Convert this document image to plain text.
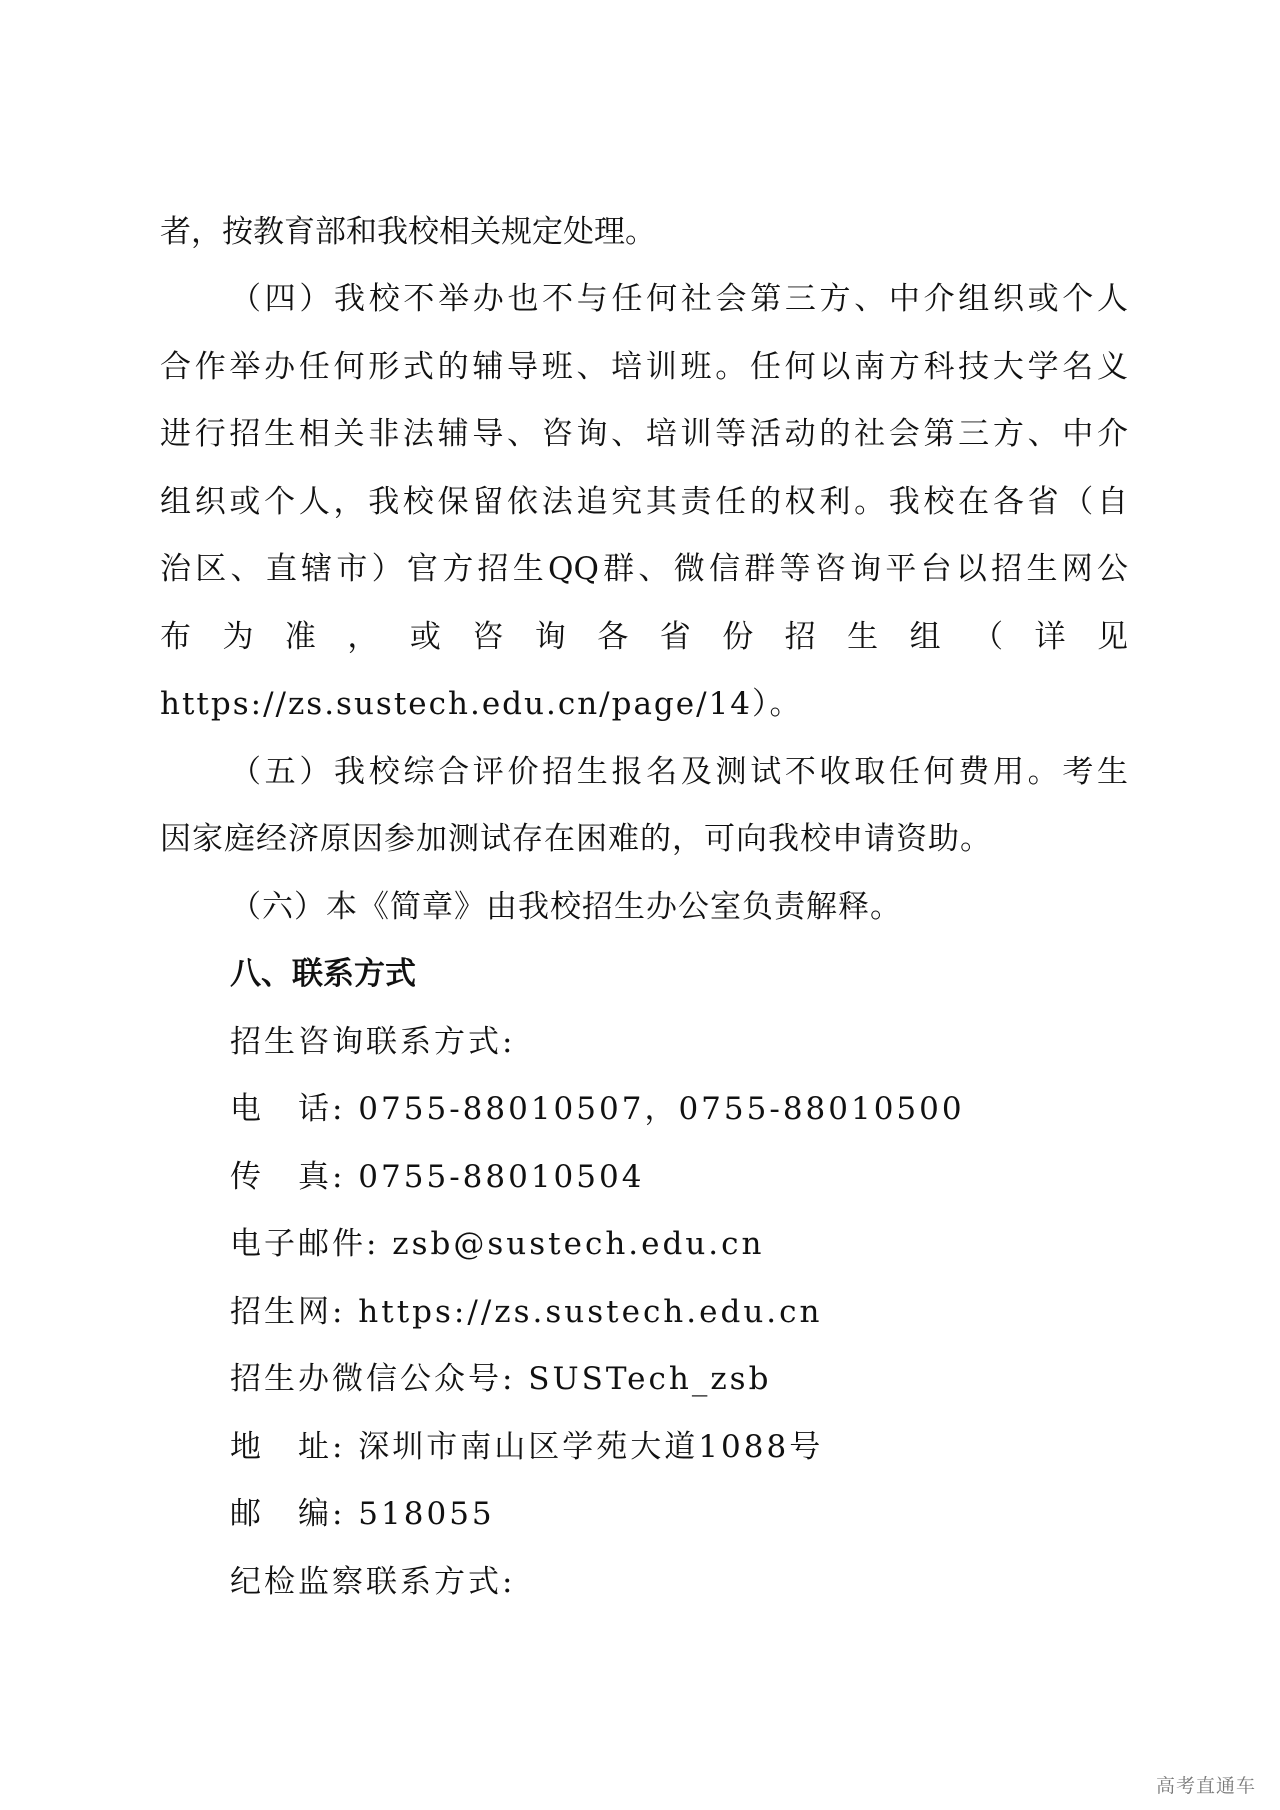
者，按教育部和我校相关规定处理。
（四）我校不举办也不与任何社会第三方、中介组织或个人
合作举办任何形式的辅导班、培训班。任何以南方科技大学名义
进行招生相关非法辅导、咨询、培训等活动的社会第三方、中介
组织或个人，我校保留依法追究其责任的权利。我校在各省（自
治区、直辖市）官方招生QQ群、微信群等咨询平台以招生网公
布 为 准 ， 或 咨 询 各 省 份 招 生 组 （ 详 见
https://zs.sustech.edu.cn/page/14）。
（五）我校综合评价招生报名及测试不收取任何费用。考生
因家庭经济原因参加测试存在困难的，可向我校申请资助。
（六）本《简章》由我校招生办公室负责解释。
八、联系方式
招生咨询联系方式:
电　话: 0755-88010507，0755-88010500
传　真: 0755-88010504
电子邮件: zsb@sustech.edu.cn
招生网: https://zs.sustech.edu.cn
招生办微信公众号: SUSTech_zsb
地　址: 深圳市南山区学苑大道1088号
邮　编: 518055
纪检监察联系方式:
高考直通车
